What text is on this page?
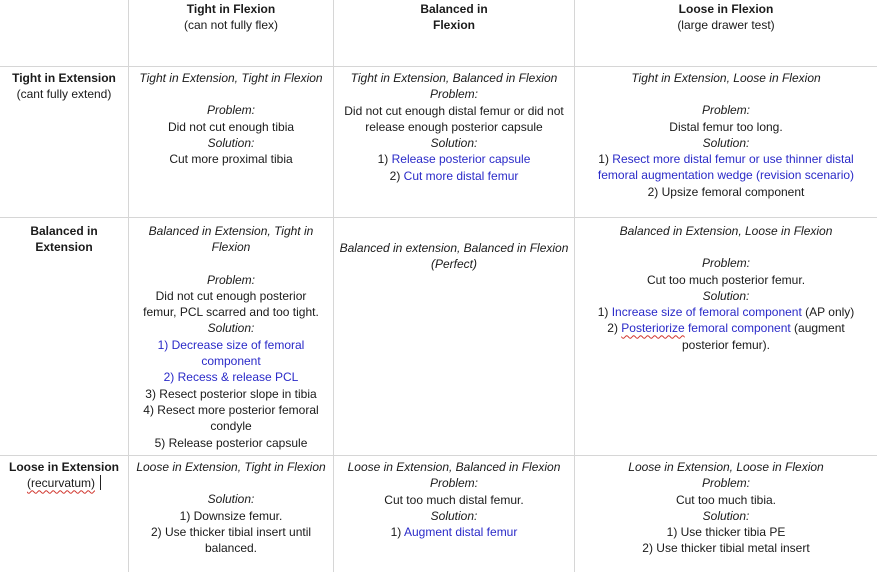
Tight in Flexion
(can not fully flex)
Balanced in
Flexion
Loose in Flexion
(large drawer test)
Tight in Extension
(cant fully extend)
Balanced in Extension
Loose in Extension
(recurvatum)
Tight in Extension, Tight in Flexion
Problem:
Did not cut enough tibia
Solution:
Cut more proximal tibia
Tight in Extension, Balanced in Flexion
Problem:
Did not cut enough distal femur or did not
release enough posterior capsule
Solution:
1) Release posterior capsule
2) Cut more distal femur
Tight in Extension, Loose in Flexion
Problem:
Distal femur too long.
Solution:
1) Resect more distal femur or use thinner distal
femoral augmentation wedge (revision scenario)
2) Upsize femoral component
Balanced in Extension, Tight in
Flexion
Problem:
Did not cut enough posterior
femur, PCL scarred and too tight.
Solution:
1) Decrease size of femoral
component
2) Recess & release PCL
3) Resect posterior slope in tibia
4) Resect more posterior femoral
condyle
5) Release posterior capsule
Balanced in extension, Balanced in Flexion
(Perfect)
Balanced in Extension, Loose in Flexion
Problem:
Cut too much posterior femur.
Solution:
1) Increase size of femoral component (AP only)
2) Posteriorize femoral component (augment
posterior femur).
Loose in Extension, Tight in Flexion
Solution:
1) Downsize femur.
2) Use thicker tibial insert until
balanced.
Loose in Extension, Balanced in Flexion
Problem:
Cut too much distal femur.
Solution:
1) Augment distal femur
Loose in Extension, Loose in Flexion
Problem:
Cut too much tibia.
Solution:
1) Use thicker tibia PE
2) Use thicker tibial metal insert
